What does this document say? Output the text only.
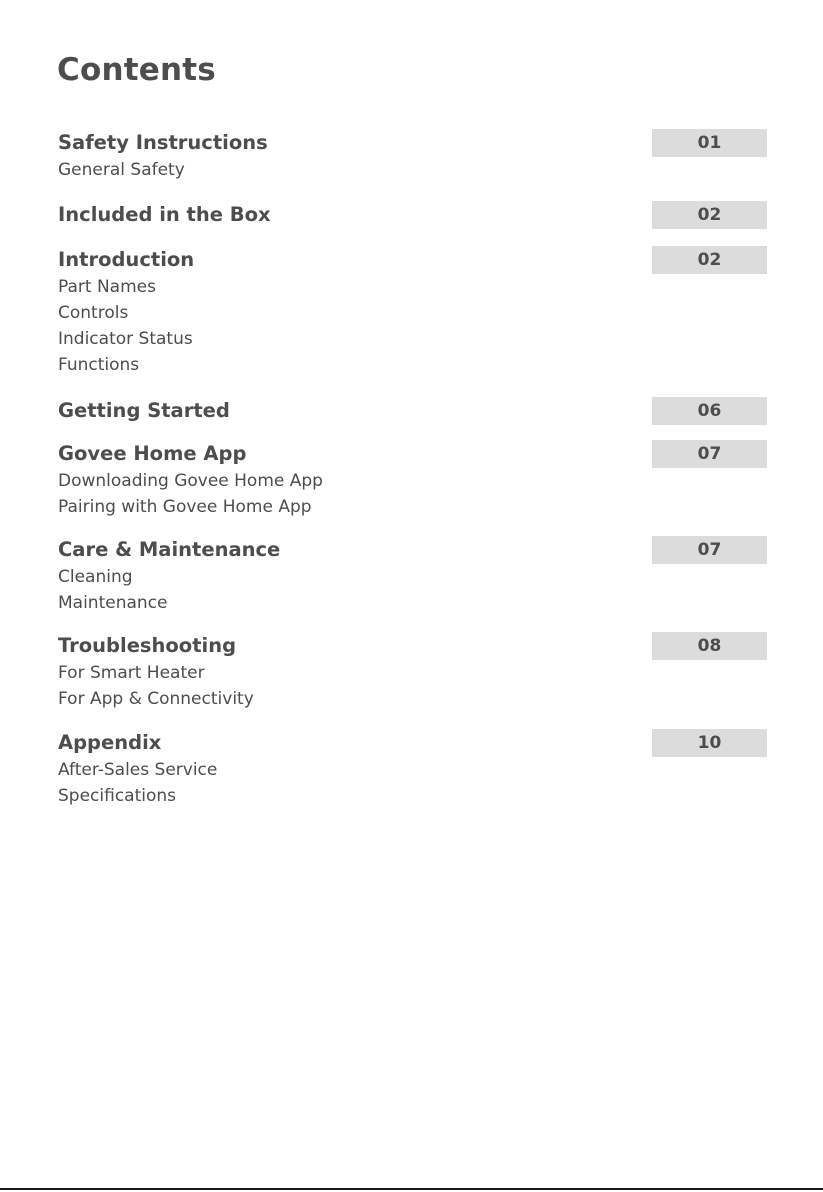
Contents
Safety Instructions	01
General Safety
Included in the Box	02
Introduction	02
Part Names
Controls
Indicator Status
Functions
Getting Started	06
Govee Home App	07
Downloading Govee Home App
Pairing with Govee Home App
Care & Maintenance	07
Cleaning
Maintenance
Troubleshooting	08
For Smart Heater
For App & Connectivity
Appendix	10
After-Sales Service
Specifications
